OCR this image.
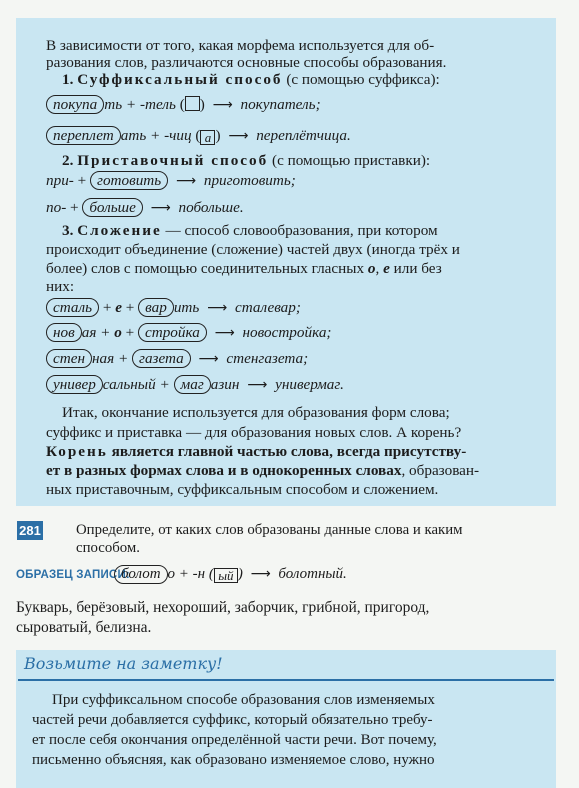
В зависимости от того, какая морфема используется для об-
разования слов, различаются основные способы образования.
1. Суффиксальный способ (с помощью суффикса):
покупа ть + -тель ( ) ⟶ покупатель;
переплет ать + -чиц ( а ) ⟶ переплётчица.
2. Приставочный способ (с помощью приставки):
при- + готовить ⟶ приготовить;
по- + больше ⟶ побольше.
3. Сложение — способ словообразования, при котором
происходит объединение (сложение) частей двух (иногда трёх и
более) слов с помощью соединительных гласных о, е или без
них:
сталь + е + вар ить ⟶ сталевар;
нов ая + о + стройка ⟶ новостройка;
стен ная + газета ⟶ стенгазета;
универ сальный + маг азин ⟶ универмаг.
Итак, окончание используется для образования форм слова;
суффикс и приставка — для образования новых слов. А корень?
Корень является главной частью слова, всегда присутству-
ет в разных формах слова и в однокоренных словах, образован-
ных приставочным, суффиксальным способом и сложением.
281 Определите, от каких слов образованы данные слова и каким
способом.
ОБРАЗЕЦ ЗАПИСИ:
болот о + -н ( ый ) ⟶ болотный.
Букварь, берёзовый, нехороший, заборчик, грибной, пригород,
сыроватый, белизна.
Возьмите на заметку!
При суффиксальном способе образования слов изменяемых
частей речи добавляется суффикс, который обязательно требу-
ет после себя окончания определённой части речи. Вот почему,
письменно объясняя, как образовано изменяемое слово, нужно
